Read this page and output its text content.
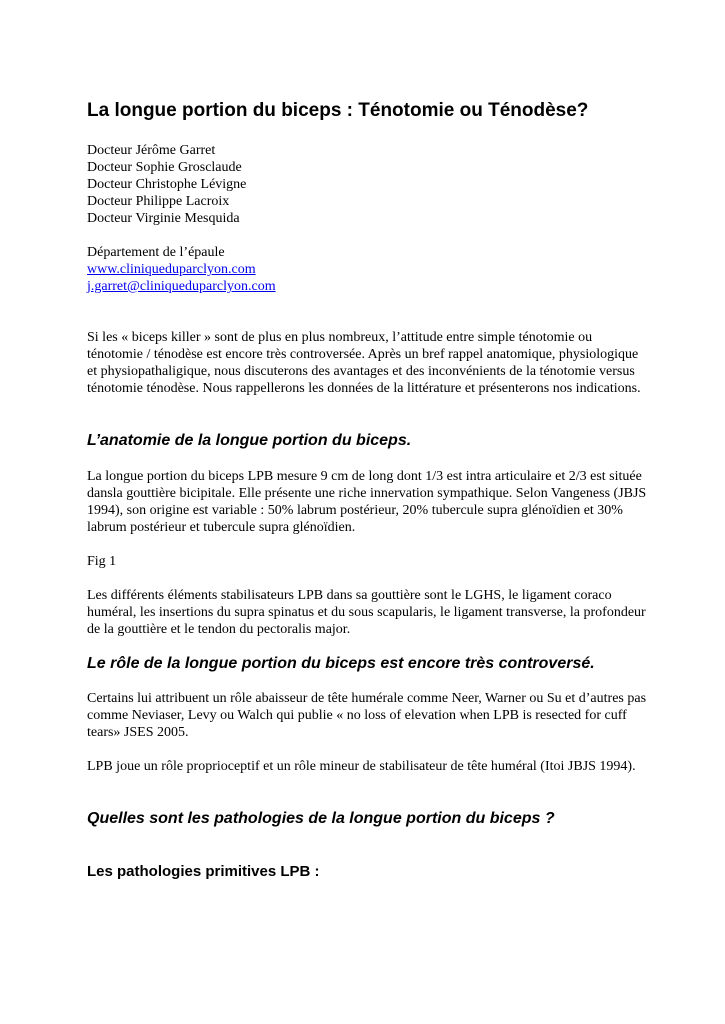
La longue portion du biceps : Ténotomie ou Ténodèse?
Docteur Jérôme Garret
Docteur Sophie Grosclaude
Docteur Christophe Lévigne
Docteur Philippe Lacroix
Docteur Virginie Mesquida
Département de l’épaule
www.cliniqueduparclyon.com
j.garret@cliniqueduparclyon.com

Si les « biceps killer » sont de plus en plus nombreux, l’attitude entre simple ténotomie ou ténotomie / ténodèse est encore très controversée. Après un bref rappel anatomique, physiologique et physiopathaligique, nous discuterons des avantages et des inconvénients de la ténotomie versus ténotomie ténodèse. Nous rappellerons les données de la littérature et présenterons nos indications.

L’anatomie de la longue portion du biceps.

La longue portion du biceps LPB mesure 9 cm de long dont 1/3 est intra articulaire et 2/3 est située dansla gouttière bicipitale. Elle présente une riche innervation sympathique. Selon Vangeness (JBJS 1994), son origine est variable : 50% labrum postérieur, 20% tubercule supra glénoïdien et 30% labrum postérieur et tubercule supra glénoïdien.

Fig 1

Les différents éléments stabilisateurs LPB dans sa gouttière sont le LGHS, le ligament coraco huméral, les insertions du supra spinatus et du sous scapularis, le ligament transverse, la profondeur de la gouttière et le tendon du pectoralis major.

Le rôle de la longue portion du biceps est encore très controversé.

Certains lui attribuent un rôle abaisseur de tête humérale comme Neer, Warner ou Su et d’autres pas comme Neviaser, Levy ou Walch qui publie « no loss of elevation when LPB is resected for cuff tears» JSES 2005.

LPB joue un rôle proprioceptif et un rôle mineur de stabilisateur de tête huméral (Itoi JBJS 1994).

Quelles sont les pathologies de la longue portion du biceps ?
Les pathologies primitives LPB :
